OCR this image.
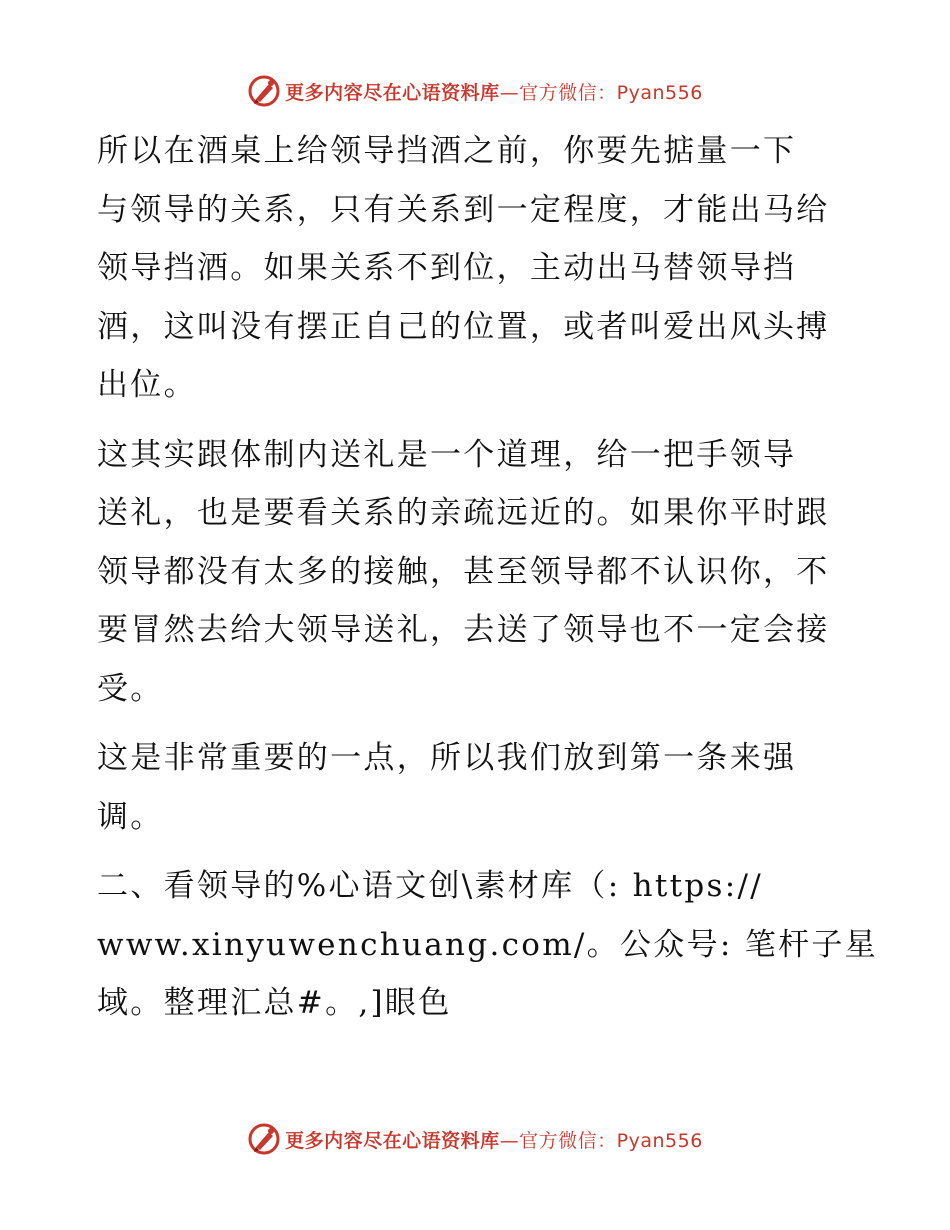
更多内容尽在心语资料库—官方微信：Pyan556

所以在酒桌上给领导挡酒之前，你要先掂量一下
与领导的关系，只有关系到一定程度，才能出马给
领导挡酒。如果关系不到位，主动出马替领导挡
酒，这叫没有摆正自己的位置，或者叫爱出风头搏
出位。

这其实跟体制内送礼是一个道理，给一把手领导
送礼，也是要看关系的亲疏远近的。如果你平时跟
领导都没有太多的接触，甚至领导都不认识你，不
要冒然去给大领导送礼，去送了领导也不一定会接
受。

这是非常重要的一点，所以我们放到第一条来强
调。

二、看领导的%心语文创\素材库（: https://
www.xinyuwenchuang.com/。公众号: 笔杆子星
域。整理汇总#。,]眼色

更多内容尽在心语资料库—官方微信：Pyan556
